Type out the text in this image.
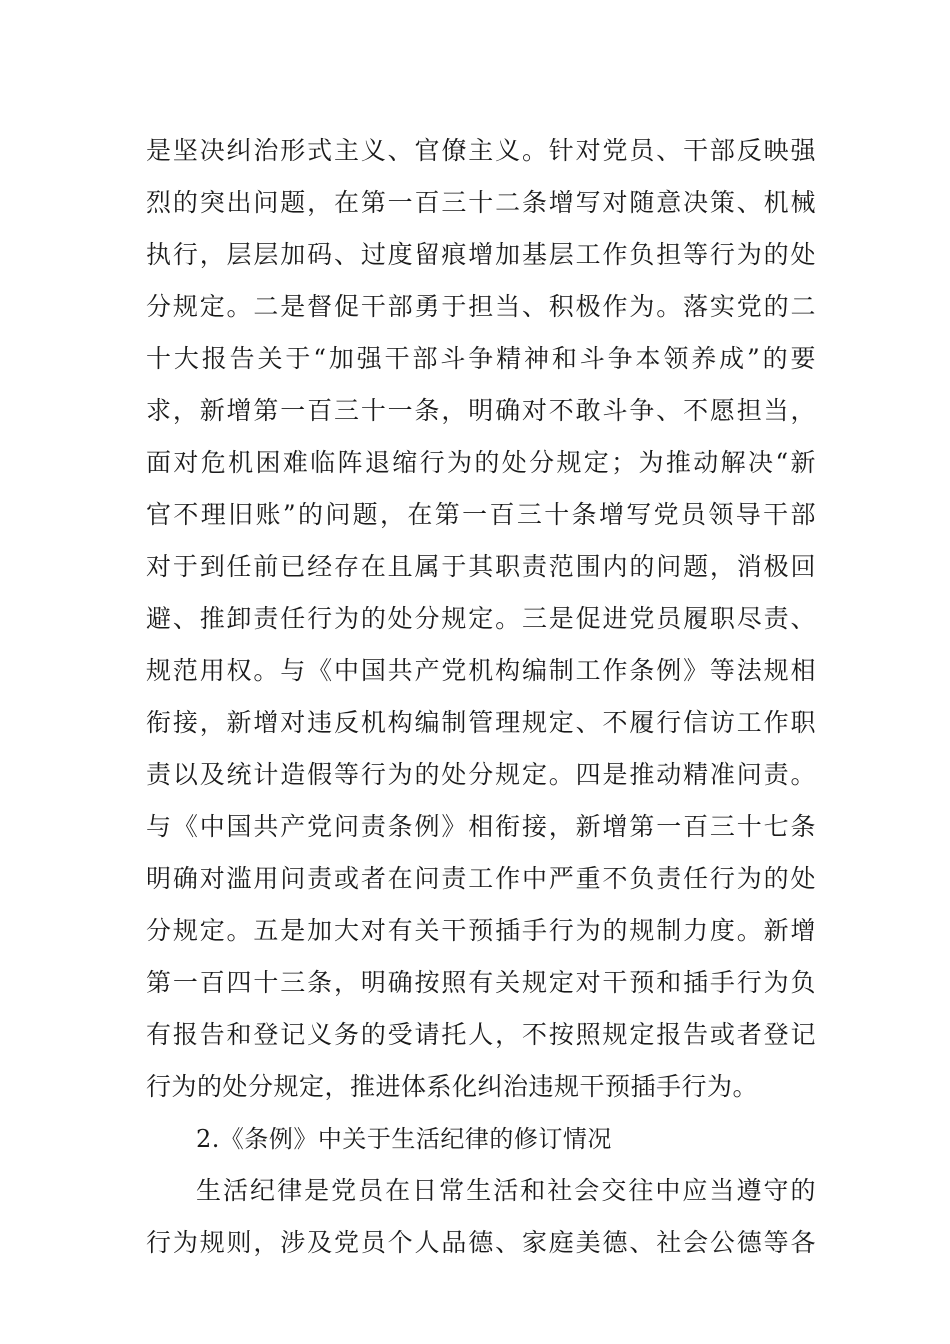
是坚决纠治形式主义、官僚主义。针对党员、干部反映强
烈的突出问题，在第一百三十二条增写对随意决策、机械
执行，层层加码、过度留痕增加基层工作负担等行为的处
分规定。二是督促干部勇于担当、积极作为。落实党的二
十大报告关于“加强干部斗争精神和斗争本领养成”的要
求，新增第一百三十一条，明确对不敢斗争、不愿担当，
面对危机困难临阵退缩行为的处分规定；为推动解决“新
官不理旧账”的问题，在第一百三十条增写党员领导干部
对于到任前已经存在且属于其职责范围内的问题，消极回
避、推卸责任行为的处分规定。三是促进党员履职尽责、
规范用权。与《中国共产党机构编制工作条例》等法规相
衔接，新增对违反机构编制管理规定、不履行信访工作职
责以及统计造假等行为的处分规定。四是推动精准问责。
与《中国共产党问责条例》相衔接，新增第一百三十七条
明确对滥用问责或者在问责工作中严重不负责任行为的处
分规定。五是加大对有关干预插手行为的规制力度。新增
第一百四十三条，明确按照有关规定对干预和插手行为负
有报告和登记义务的受请托人，不按照规定报告或者登记
行为的处分规定，推进体系化纠治违规干预插手行为。
2.《条例》中关于生活纪律的修订情况
生活纪律是党员在日常生活和社会交往中应当遵守的
行为规则，涉及党员个人品德、家庭美德、社会公德等各
